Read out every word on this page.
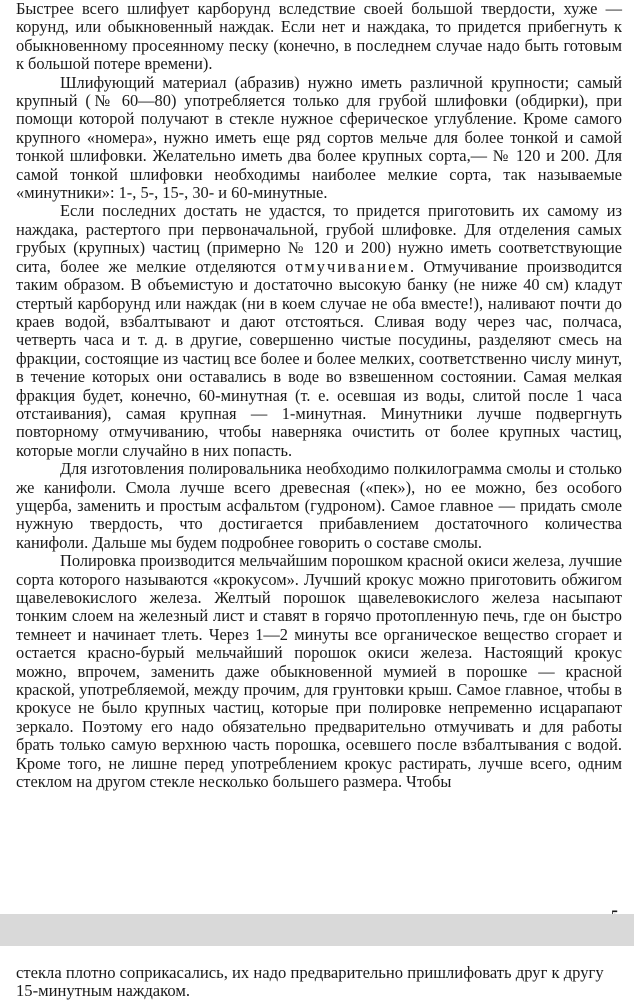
Быстрее всего шлифует карборунд вследствие своей большой твердости, хуже — корунд, или обыкновенный наждак. Если нет и наждака, то придется прибегнуть к обыкновенному просеянному песку (конечно, в последнем случае надо быть готовым к большой потере времени).

Шлифующий материал (абразив) нужно иметь различной крупности; самый крупный (№ 60—80) употребляется только для грубой шлифовки (обдирки), при помощи которой получают в стекле нужное сферическое углубление. Кроме самого крупного «номера», нужно иметь еще ряд сортов мельче для более тонкой и самой тонкой шлифовки. Желательно иметь два более крупных сорта,— № 120 и 200. Для самой тонкой шлифовки необходимы наиболее мелкие сорта, так называемые «минутники»: 1-, 5-, 15-, 30- и 60-минутные.

Если последних достать не удастся, то придется приготовить их самому из наждака, растертого при первоначальной, грубой шлифовке. Для отделения самых грубых (крупных) частиц (примерно № 120 и 200) нужно иметь соответствующие сита, более же мелкие отделяются отмучиванием. Отмучивание производится таким образом. В объемистую и достаточно высокую банку (не ниже 40 см) кладут стертый карборунд или наждак (ни в коем случае не оба вместе!), наливают почти до краев водой, взбалтывают и дают отстояться. Сливая воду через час, полчаса, четверть часа и т. д. в другие, совершенно чистые посудины, разделяют смесь на фракции, состоящие из частиц все более и более мелких, соответственно числу минут, в течение которых они оставались в воде во взвешенном состоянии. Самая мелкая фракция будет, конечно, 60-минутная (т. е. осевшая из воды, слитой после 1 часа отстаивания), самая крупная — 1-минутная. Минутники лучше подвергнуть повторному отмучиванию, чтобы наверняка очистить от более крупных частиц, которые могли случайно в них попасть.

Для изготовления полировальника необходимо полкилограмма смолы и столько же канифоли. Смола лучше всего древесная («пек»), но ее можно, без особого ущерба, заменить и простым асфальтом (гудроном). Самое главное — придать смоле нужную твердость, что достигается прибавлением достаточного количества канифоли. Дальше мы будем подробнее говорить о составе смолы.

Полировка производится мельчайшим порошком красной окиси железа, лучшие сорта которого называются «крокусом». Лучший крокус можно приготовить обжигом щавелевокислого железа. Желтый порошок щавелевокислого железа насыпают тонким слоем на железный лист и ставят в горячо протопленную печь, где он быстро темнеет и начинает тлеть. Через 1—2 минуты все органическое вещество сгорает и остается красно-бурый мельчайший порошок окиси железа. Настоящий крокус можно, впрочем, заменить даже обыкновенной мумией в порошке — красной краской, употребляемой, между прочим, для грунтовки крыш. Самое главное, чтобы в крокусе не было крупных частиц, которые при полировке непременно исцарапают зеркало. Поэтому его надо обязательно предварительно отмучивать и для работы брать только самую верхнюю часть порошка, осевшего после взбалтывания с водой. Кроме того, не лишне перед употреблением крокус растирать, лучше всего, одним стеклом на другом стекле несколько большего размера. Чтобы

стекла плотно соприкасались, их надо предварительно пришлифовать друг к другу 15-минутным наждаком.
